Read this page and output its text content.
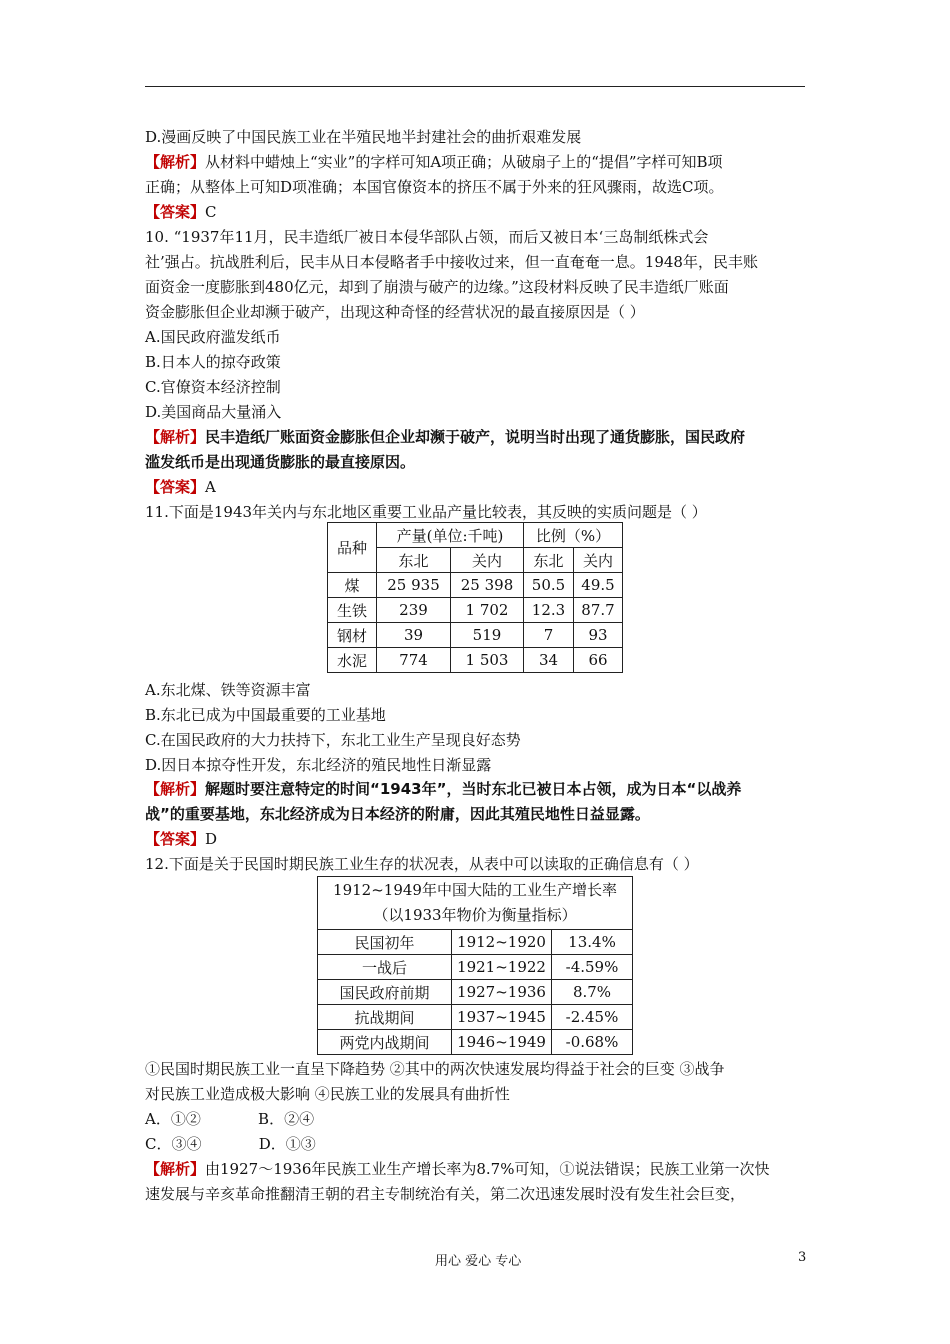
D.漫画反映了中国民族工业在半殖民地半封建社会的曲折艰难发展
【解析】从材料中蜡烛上“实业”的字样可知A项正确；从破扇子上的“提倡”字样可知B项
正确；从整体上可知D项准确；本国官僚资本的挤压不属于外来的狂风骤雨，故选C项。
【答案】C
10. “1937年11月，民丰造纸厂被日本侵华部队占领，而后又被日本‘三岛制纸株式会
社’强占。抗战胜利后，民丰从日本侵略者手中接收过来，但一直奄奄一息。1948年，民丰账
面资金一度膨胀到480亿元，却到了崩溃与破产的边缘。”这段材料反映了民丰造纸厂账面
资金膨胀但企业却濒于破产，出现这种奇怪的经营状况的最直接原因是（ ）
A.国民政府滥发纸币
B.日本人的掠夺政策
C.官僚资本经济控制
D.美国商品大量涌入
【解析】民丰造纸厂账面资金膨胀但企业却濒于破产，说明当时出现了通货膨胀，国民政府
滥发纸币是出现通货膨胀的最直接原因。
【答案】A
11.下面是1943年关内与东北地区重要工业品产量比较表，其反映的实质问题是（ ）
品种	产量(单位:千吨)		比例（%）	
	东北	关内	东北	关内
煤	25 935	25 398	50.5	49.5
生铁	239	1 702	12.3	87.7
钢材	39	519	7	93
水泥	774	1 503	34	66
A.东北煤、铁等资源丰富
B.东北已成为中国最重要的工业基地
C.在国民政府的大力扶持下，东北工业生产呈现良好态势
D.因日本掠夺性开发，东北经济的殖民地性日渐显露
【解析】解题时要注意特定的时间“1943年”，当时东北已被日本占领，成为日本“以战养
战”的重要基地，东北经济成为日本经济的附庸，因此其殖民地性日益显露。
【答案】D
12.下面是关于民国时期民族工业生存的状况表，从表中可以读取的正确信息有（ ）
1912~1949年中国大陆的工业生产增长率
（以1933年物价为衡量指标）		

民国初年	1912~1920	13.4%
一战后	1921~1922	-4.59%
国民政府前期	1927~1936	8.7%
抗战期间	1937~1945	-2.45%
两党内战期间	1946~1949	-0.68%
①民国时期民族工业一直呈下降趋势 ②其中的两次快速发展均得益于社会的巨变 ③战争
对民族工业造成极大影响 ④民族工业的发展具有曲折性
A．①②            B．②④
C．③④            D．①③
【解析】由1927～1936年民族工业生产增长率为8.7%可知，①说法错误；民族工业第一次快
速发展与辛亥革命推翻清王朝的君主专制统治有关，第二次迅速发展时没有发生社会巨变，
用心 爱心 专心	3
